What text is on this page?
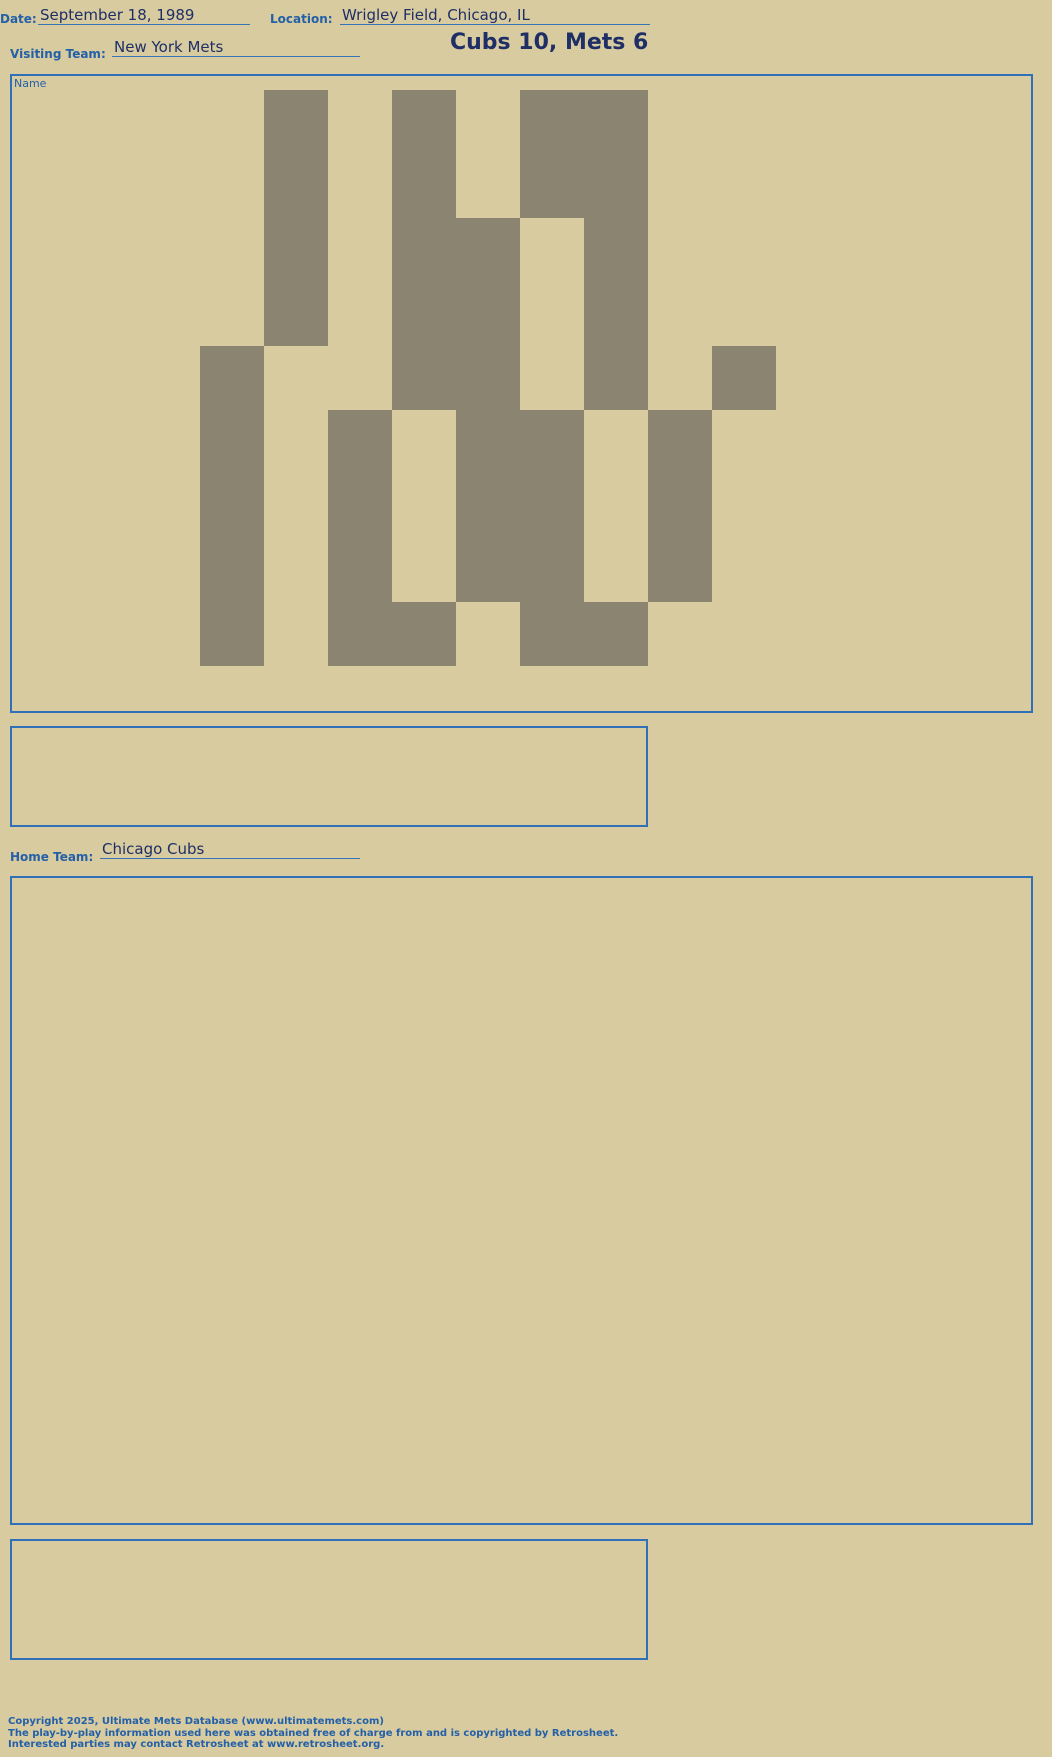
Date: September 18, 1989	Location: Wrigley Field, Chicago, IL
Cubs 10, Mets 6
Visiting Team: New York Mets
Name
Home Team: Chicago Cubs
Copyright 2025, Ultimate Mets Database (www.ultimatemets.com)
The play-by-play information used here was obtained free of charge from and is copyrighted by Retrosheet.
Interested parties may contact Retrosheet at www.retrosheet.org.
